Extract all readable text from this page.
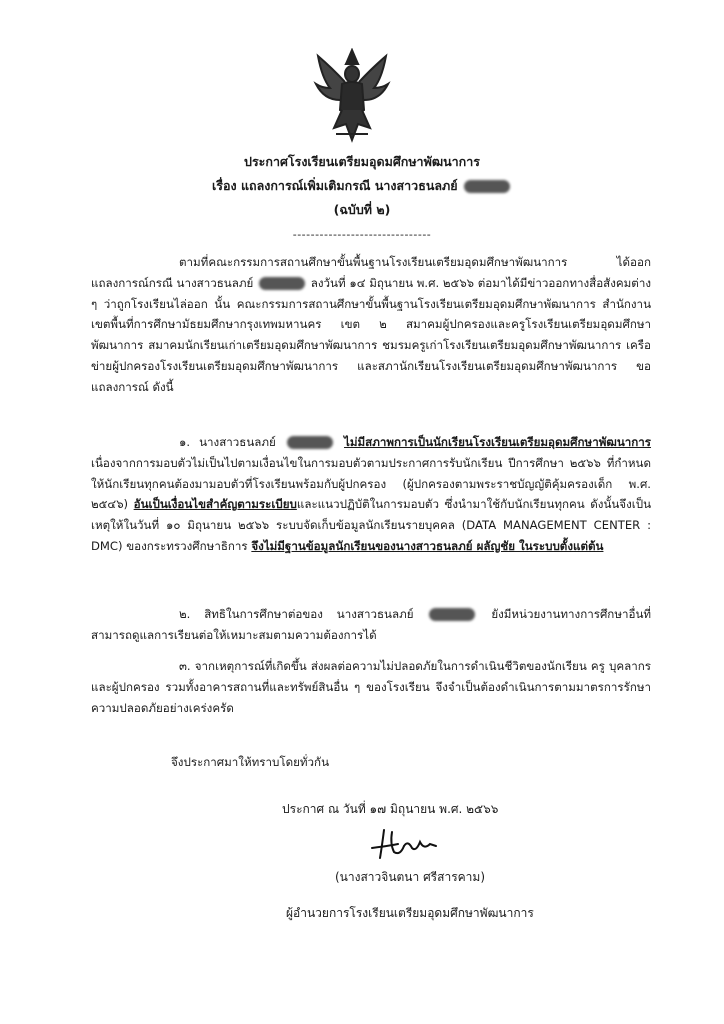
ประกาศโรงเรียนเตรียมอุดมศึกษาพัฒนาการ
เรื่อง แถลงการณ์เพิ่มเติมกรณี นางสาวธนลภย์
(ฉบับที่ ๒)
-------------------------------
ตามที่คณะกรรมการสถานศึกษาขั้นพื้นฐานโรงเรียนเตรียมอุดมศึกษาพัฒนาการ ได้ออกแถลงการณ์กรณี นางสาวธนลภย์	ลงวันที่ ๑๔ มิถุนายน พ.ศ. ๒๕๖๖ ต่อมาได้มีข่าวออกทางสื่อสังคมต่าง ๆ ว่าถูกโรงเรียนไล่ออก นั้น คณะกรรมการสถานศึกษาขั้นพื้นฐานโรงเรียนเตรียมอุดมศึกษาพัฒนาการ สำนักงานเขตพื้นที่การศึกษามัธยมศึกษากรุงเทพมหานคร เขต ๒ สมาคมผู้ปกครองและครูโรงเรียนเตรียมอุดมศึกษาพัฒนาการ สมาคมนักเรียนเก่าเตรียมอุดมศึกษาพัฒนาการ ชมรมครูเก่าโรงเรียนเตรียมอุดมศึกษาพัฒนาการ เครือข่ายผู้ปกครองโรงเรียนเตรียมอุดมศึกษาพัฒนาการ และสภานักเรียนโรงเรียนเตรียมอุดมศึกษาพัฒนาการ ขอแถลงการณ์ ดังนี้
๑. นางสาวธนลภย์	ไม่มีสภาพการเป็นนักเรียนโรงเรียนเตรียมอุดมศึกษาพัฒนาการ เนื่องจากการมอบตัวไม่เป็นไปตามเงื่อนไขในการมอบตัวตามประกาศการรับนักเรียน ปีการศึกษา ๒๕๖๖ ที่กำหนดให้นักเรียนทุกคนต้องมามอบตัวที่โรงเรียนพร้อมกับผู้ปกครอง (ผู้ปกครองตามพระราชบัญญัติคุ้มครองเด็ก พ.ศ. ๒๕๔๖) อันเป็นเงื่อนไขสำคัญตามระเบียบและแนวปฏิบัติในการมอบตัว ซึ่งนำมาใช้กับนักเรียนทุกคน ดังนั้นจึงเป็นเหตุให้ในวันที่ ๑๐ มิถุนายน ๒๕๖๖ ระบบจัดเก็บข้อมูลนักเรียนรายบุคคล (DATA MANAGEMENT CENTER : DMC) ของกระทรวงศึกษาธิการ จึงไม่มีฐานข้อมูลนักเรียนของนางสาวธนลภย์ ผลัญชัย ในระบบตั้งแต่ต้น
๒. สิทธิในการศึกษาต่อของ นางสาวธนลภย์	ยังมีหน่วยงานทางการศึกษาอื่นที่สามารถดูแลการเรียนต่อให้เหมาะสมตามความต้องการได้
๓. จากเหตุการณ์ที่เกิดขึ้น ส่งผลต่อความไม่ปลอดภัยในการดำเนินชีวิตของนักเรียน ครู บุคลากร และผู้ปกครอง รวมทั้งอาคารสถานที่และทรัพย์สินอื่น ๆ ของโรงเรียน จึงจำเป็นต้องดำเนินการตามมาตรการรักษาความปลอดภัยอย่างเคร่งครัด
จึงประกาศมาให้ทราบโดยทั่วกัน
ประกาศ ณ วันที่ ๑๗ มิถุนายน พ.ศ. ๒๕๖๖
(นางสาวจินตนา ศรีสารคาม)
ผู้อำนวยการโรงเรียนเตรียมอุดมศึกษาพัฒนาการ
